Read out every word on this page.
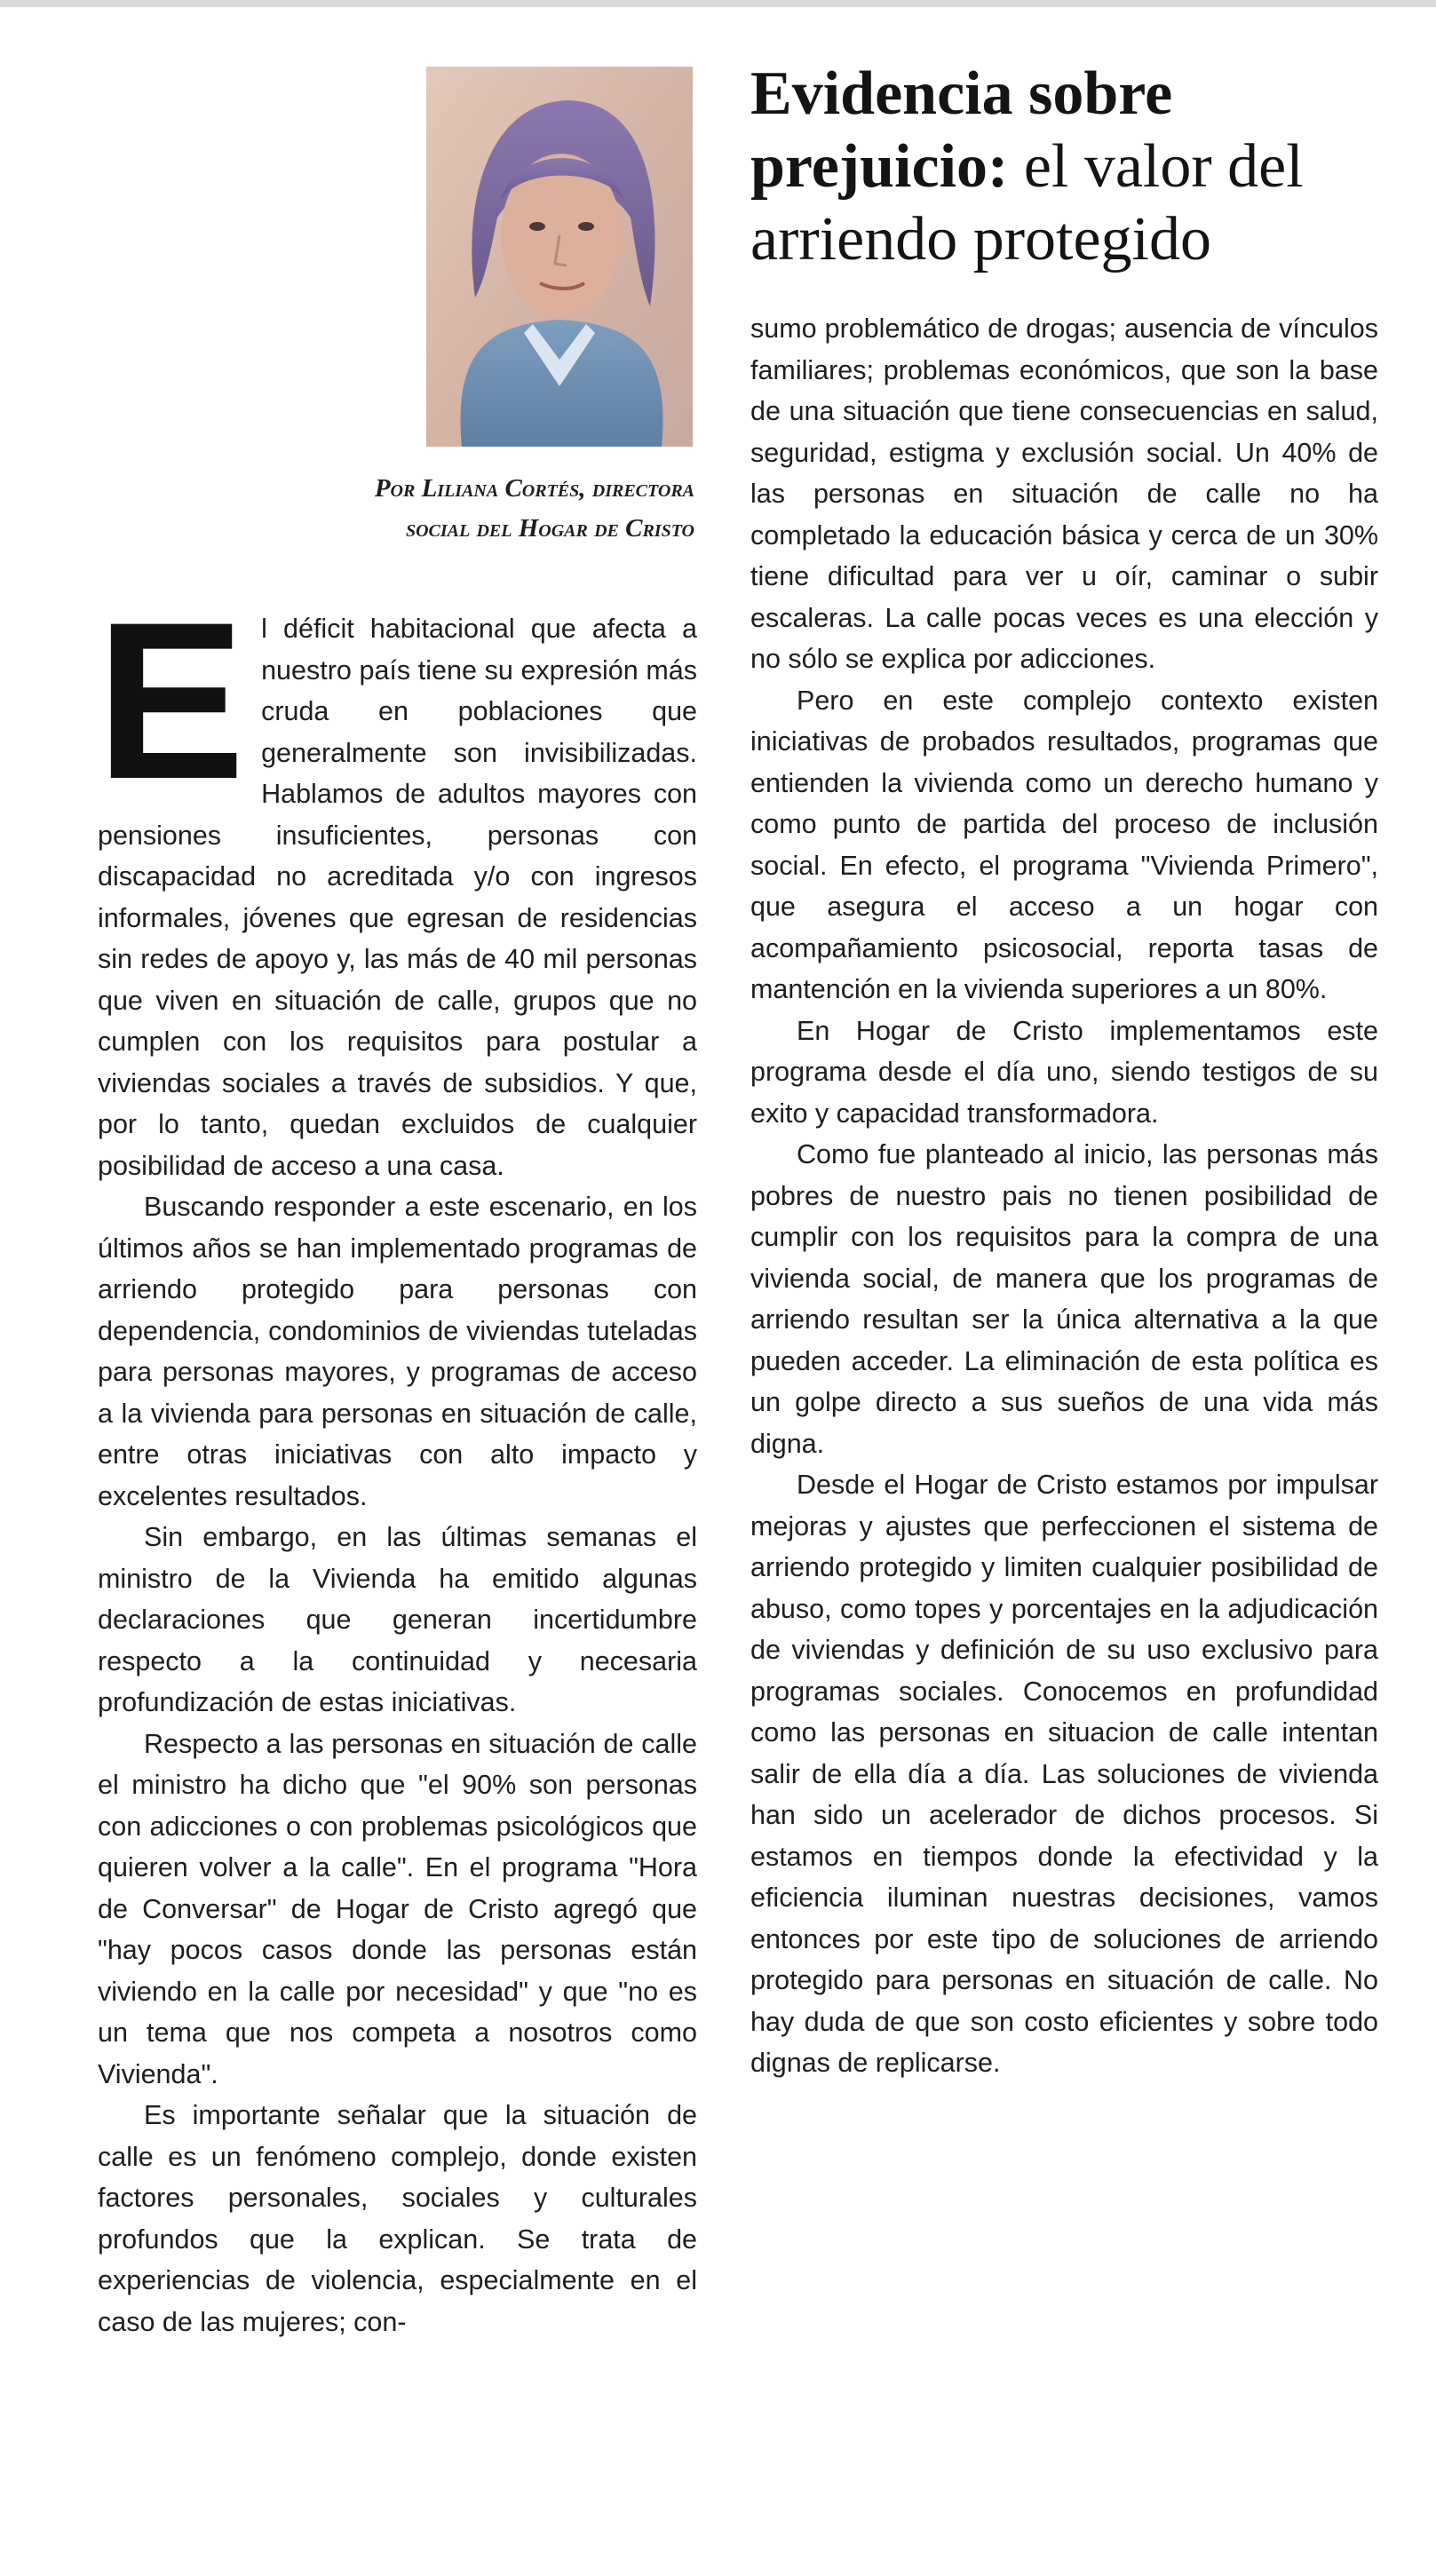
Por Liliana Cortés, directora

social del Hogar de Cristo

Evidencia sobre prejuicio: el valor del arriendo protegido

El déficit habitacional que afecta a nuestro país tiene su expresión más cruda en poblaciones que generalmente son invisibilizadas. Hablamos de adultos mayores con pensiones insuficientes, personas con discapacidad no acreditada y/o con ingresos informales, jóvenes que egresan de residencias sin redes de apoyo y, las más de 40 mil personas que viven en situación de calle, grupos que no cumplen con los requisitos para postular a viviendas sociales a través de subsidios. Y que, por lo tanto, quedan excluidos de cualquier posibilidad de acceso a una casa.

Buscando responder a este escenario, en los últimos años se han implementado programas de arriendo protegido para personas con dependencia, condominios de viviendas tuteladas para personas mayores, y programas de acceso a la vivienda para personas en situación de calle, entre otras iniciativas con alto impacto y excelentes resultados.

Sin embargo, en las últimas semanas el ministro de la Vivienda ha emitido algunas declaraciones que generan incertidumbre respecto a la continuidad y necesaria profundización de estas iniciativas.

Respecto a las personas en situación de calle el ministro ha dicho que "el 90% son personas con adicciones o con problemas psicológicos que quieren volver a la calle". En el programa "Hora de Conversar" de Hogar de Cristo agregó que "hay pocos casos donde las personas están viviendo en la calle por necesidad" y que "no es un tema que nos competa a nosotros como Vivienda".

Es importante señalar que la situación de calle es un fenómeno complejo, donde existen factores personales, sociales y culturales profundos que la explican. Se trata de experiencias de violencia, especialmente en el caso de las mujeres; con-

sumo problemático de drogas; ausencia de vínculos familiares; problemas económicos, que son la base de una situación que tiene consecuencias en salud, seguridad, estigma y exclusión social. Un 40% de las personas en situación de calle no ha completado la educación básica y cerca de un 30% tiene dificultad para ver u oír, caminar o subir escaleras. La calle pocas veces es una elección y no sólo se explica por adicciones.

Pero en este complejo contexto existen iniciativas de probados resultados, programas que entienden la vivienda como un derecho humano y como punto de partida del proceso de inclusión social. En efecto, el programa "Vivienda Primero", que asegura el acceso a un hogar con acompañamiento psicosocial, reporta tasas de mantención en la vivienda superiores a un 80%.

En Hogar de Cristo implementamos este programa desde el día uno, siendo testigos de su exito y capacidad transformadora.

Como fue planteado al inicio, las personas más pobres de nuestro pais no tienen posibilidad de cumplir con los requisitos para la compra de una vivienda social, de manera que los programas de arriendo resultan ser la única alternativa a la que pueden acceder. La eliminación de esta política es un golpe directo a sus sueños de una vida más digna.

Desde el Hogar de Cristo estamos por impulsar mejoras y ajustes que perfeccionen el sistema de arriendo protegido y limiten cualquier posibilidad de abuso, como topes y porcentajes en la adjudicación de viviendas y definición de su uso exclusivo para programas sociales. Conocemos en profundidad como las personas en situacion de calle intentan salir de ella día a día. Las soluciones de vivienda han sido un acelerador de dichos procesos. Si estamos en tiempos donde la efectividad y la eficiencia iluminan nuestras decisiones, vamos entonces por este tipo de soluciones de arriendo protegido para personas en situación de calle. No hay duda de que son costo eficientes y sobre todo dignas de replicarse.
